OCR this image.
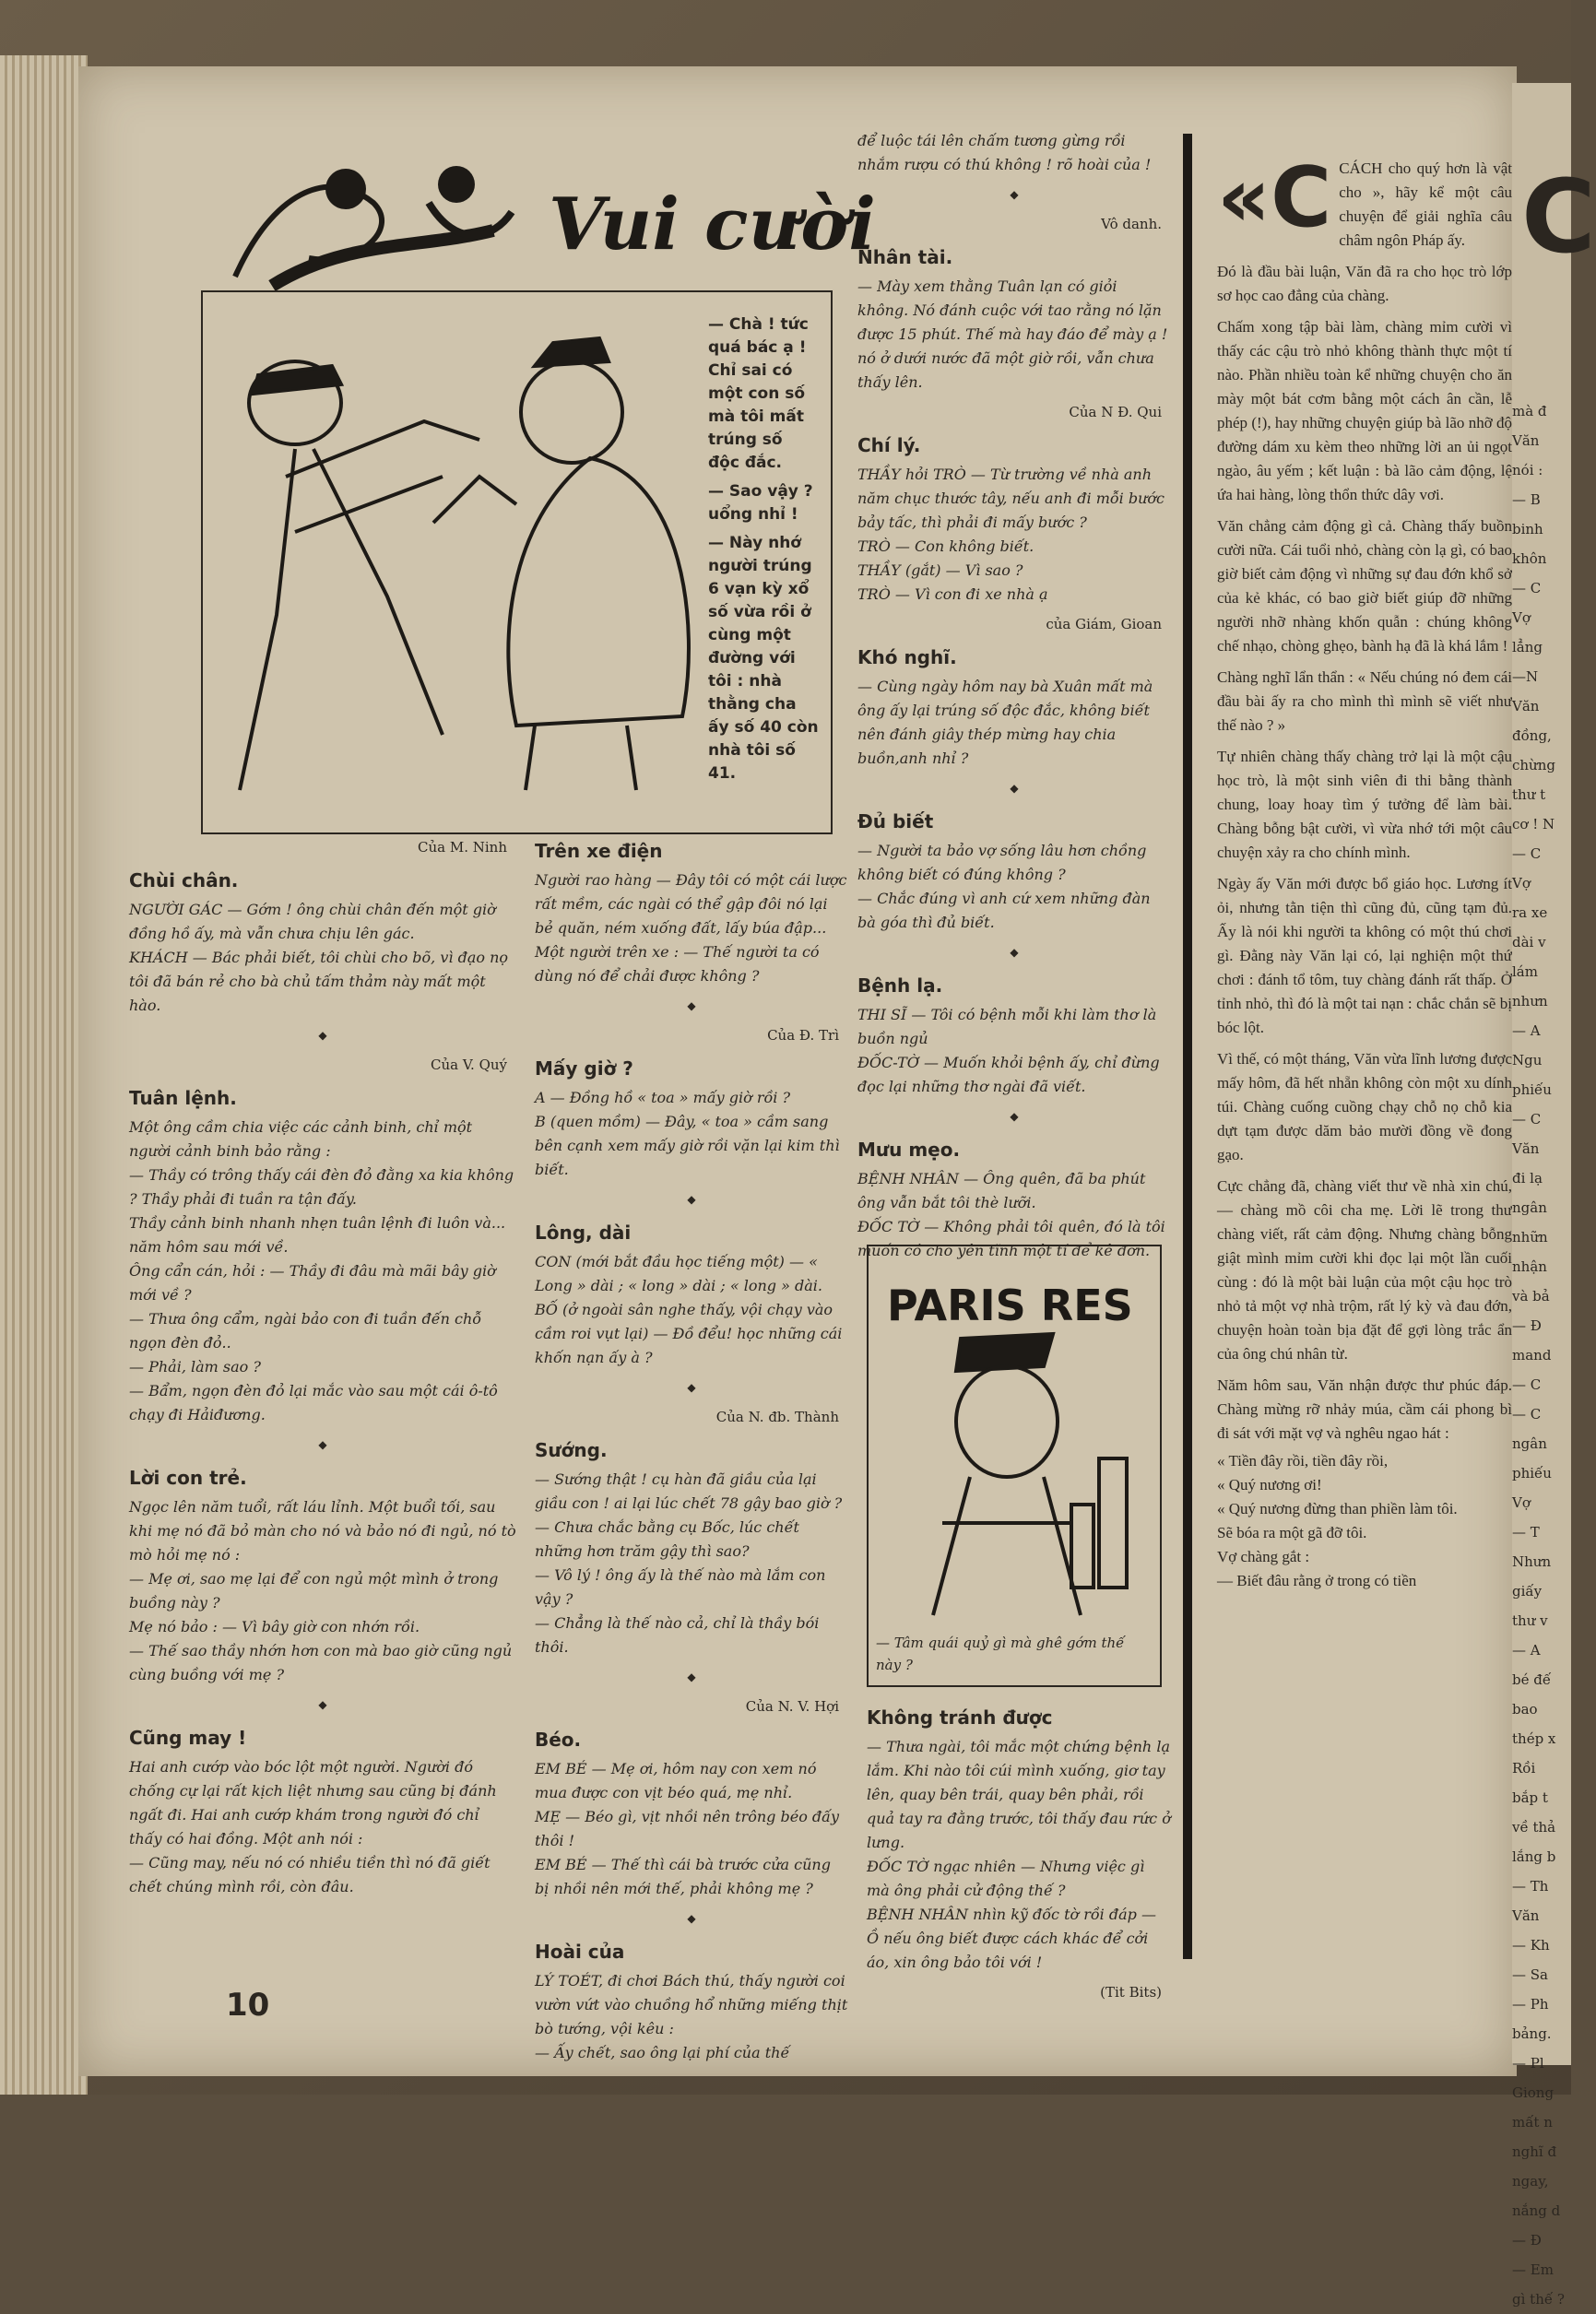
Vui cười

— Chà ! tức quá bác ạ ! Chỉ sai có một con số mà tôi mất trúng số độc đắc.

— Sao vậy ? uổng nhỉ !

— Này nhớ người trúng 6 vạn kỳ xổ số vừa rồi ở cùng một đường với tôi : nhà thằng cha ấy số 40 còn nhà tôi số 41.

Của M. Ninh
Chùi chân.

NGƯỜI GÁC — Gớm ! ông chùi chân đến một giờ đồng hồ ấy, mà vẫn chưa chịu lên gác.

KHÁCH — Bác phải biết, tôi chùi cho bõ, vì đạo nọ tôi đã bán rẻ cho bà chủ tấm thảm này mất một hào.

◆
Của V. Quý
Tuân lệnh.

Một ông cầm chia việc các cảnh binh, chỉ một người cảnh binh bảo rằng :

— Thầy có trông thấy cái đèn đỏ đằng xa kia không ? Thầy phải đi tuần ra tận đấy.

Thầy cảnh binh nhanh nhẹn tuân lệnh đi luôn và... năm hôm sau mới về.

Ông cẩn cán, hỏi : — Thầy đi đâu mà mãi bây giờ mới về ?

— Thưa ông cẩm, ngài bảo con đi tuần đến chỗ ngọn đèn đỏ..

— Phải, làm sao ?

— Bẩm, ngọn đèn đỏ lại mắc vào sau một cái ô-tô chạy đi Hảiđương.

◆
Lời con trẻ.

Ngọc lên năm tuổi, rất láu lỉnh. Một buổi tối, sau khi mẹ nó đã bỏ màn cho nó và bảo nó đi ngủ, nó tò mò hỏi mẹ nó :

— Mẹ ơi, sao mẹ lại để con ngủ một mình ở trong buồng này ?

Mẹ nó bảo : — Vì bây giờ con nhớn rồi.

— Thế sao thầy nhớn hơn con mà bao giờ cũng ngủ cùng buồng với mẹ ?

◆
Cũng may !

Hai anh cướp vào bóc lột một người. Người đó chống cự lại rất kịch liệt nhưng sau cũng bị đánh ngất đi. Hai anh cướp khám trong người đó chỉ thấy có hai đồng. Một anh nói :

— Cũng may, nếu nó có nhiều tiền thì nó đã giết chết chúng mình rồi, còn đâu.

Trên xe điện

Người rao hàng — Đây tôi có một cái lược rất mềm, các ngài có thể gập đôi nó lại bẻ quăn, ném xuống đất, lấy búa đập...

Một người trên xe : — Thế người ta có dùng nó để chải được không ?

◆
Của Đ. Trì
Mấy giờ ?

A — Đồng hồ « toa » mấy giờ rồi ?

B (quen mồm) — Đây, « toa » cầm sang bên cạnh xem mấy giờ rồi vặn lại kim thì biết.

◆
Lông, dài

CON (mới bắt đầu học tiếng một) — « Long » dài ; « long » dài ; « long » dài.

BỐ (ở ngoài sân nghe thấy, vội chạy vào cầm roi vụt lại) — Đồ đểu! học những cái khốn nạn ấy à ?

◆
Của N. đb. Thành
Sướng.

— Sướng thật ! cụ hàn đã giầu của lại giầu con ! ai lại lúc chết 78 gậy bao giờ ?

— Chưa chắc bằng cụ Bốc, lúc chết những hơn trăm gậy thì sao?

— Vô lý ! ông ấy là thế nào mà lắm con vậy ?

— Chẳng là thế nào cả, chỉ là thầy bói thôi.

◆
Của N. V. Hợi
Béo.

EM BÉ — Mẹ ơi, hôm nay con xem nó mua được con vịt béo quá, mẹ nhỉ.

MẸ — Béo gì, vịt nhồi nên trông béo đấy thôi !

EM BÉ — Thế thì cái bà trước cửa cũng bị nhồi nên mới thế, phải không mẹ ?

◆
Hoài của

LÝ TOÉT, đi chơi Bách thú, thấy người coi vườn vứt vào chuồng hổ những miếng thịt bò tướng, vội kêu :

— Ấy chết, sao ông lại phí của thế

để luộc tái lên chấm tương gừng rồi nhắm rượu có thú không ! rõ hoài của !

◆
Vô danh.
Nhân tài.

— Mày xem thằng Tuân lạn có giỏi không. Nó đánh cuộc với tao rằng nó lặn được 15 phút. Thế mà hay đáo để mày ạ ! nó ở dưới nước đã một giờ rồi, vẫn chưa thấy lên.

Của N Đ. Qui
Chí lý.

THẦY hỏi TRÒ — Từ trường về nhà anh năm chục thước tây, nếu anh đi mỗi bước bảy tấc, thì phải đi mấy bước ?

TRÒ — Con không biết.

THẦY (gắt) — Vì sao ?

TRÒ — Vì con đi xe nhà ạ

của Giám, Gioan
Khó nghĩ.

— Cùng ngày hôm nay bà Xuân mất mà ông ấy lại trúng số độc đắc, không biết nên đánh giây thép mừng hay chia buồn,anh nhỉ ?

◆
Đủ biết

— Người ta bảo vợ sống lâu hơn chồng không biết có đúng không ?

— Chắc đúng vì anh cứ xem những đàn bà góa thì đủ biết.

◆
Bệnh lạ.

THI SĨ — Tôi có bệnh mỗi khi làm thơ là buồn ngủ

ĐỐC-TỜ — Muốn khỏi bệnh ấy, chỉ đừng đọc lại những thơ ngài đã viết.

◆
Mưu mẹo.

BỆNH NHÂN — Ông quên, đã ba phút ông vẫn bắt tôi thè lưỡi.

ĐỐC TỜ — Không phải tôi quên, đó là tôi muốn có cho yên tĩnh một tí để kê đơn.

PARIS RES
— Tâm quái quỷ gì mà ghê gớm thế này ?
Không tránh được

— Thưa ngài, tôi mắc một chứng bệnh lạ lắm. Khi nào tôi cúi mình xuống, giơ tay lên, quay bên trái, quay bên phải, rồi quả tay ra đằng trước, tôi thấy đau rức ở lưng.

ĐỐC TỜ ngạc nhiên — Nhưng việc gì mà ông phải cử động thế ?

BỆNH NHÂN nhìn kỹ đốc tờ rồi đáp — Ồ nếu ông biết được cách khác để cởi áo, xin ông bảo tôi với !

(Tit Bits)
«C CÁCH cho quý hơn là vật cho », hãy kể một câu chuyện để giải nghĩa câu châm ngôn Pháp ấy.

Đó là đầu bài luận, Văn đã ra cho học trò lớp sơ học cao đẳng của chàng.

Chấm xong tập bài làm, chàng mỉm cười vì thấy các cậu trò nhỏ không thành thực một tí nào. Phần nhiều toàn kể những chuyện cho ăn mày một bát cơm bằng một cách ân cần, lễ phép (!), hay những chuyện giúp bà lão nhỡ độ đường dám xu kèm theo những lời an ủi ngọt ngào, âu yếm ; kết luận : bà lão cảm động, lệ ứa hai hàng, lòng thổn thức dây vơi.

Văn chẳng cảm động gì cả. Chàng thấy buồn cười nữa. Cái tuổi nhỏ, chàng còn lạ gì, có bao giờ biết cảm động vì những sự đau đớn khổ sở của kẻ khác, có bao giờ biết giúp đỡ những người nhỡ nhàng khốn quẫn : chúng không chế nhạo, chòng ghẹo, bành hạ đã là khá lắm !

Chàng nghĩ lẩn thẩn : « Nếu chúng nó đem cái đầu bài ấy ra cho mình thì mình sẽ viết như thế nào ? »

Tự nhiên chàng thấy chàng trở lại là một cậu học trò, là một sinh viên đi thi bằng thành chung, loay hoay tìm ý tưởng để làm bài. Chàng bỗng bật cười, vì vừa nhớ tới một câu chuyện xảy ra cho chính mình.

Ngày ấy Văn mới được bổ giáo học. Lương ít ỏi, nhưng tằn tiện thì cũng đủ, cũng tạm đủ. Ấy là nói khi người ta không có một thú chơi gì. Đằng này Văn lại có, lại nghiện một thứ chơi : đánh tổ tôm, tuy chàng đánh rất thấp. Ở tỉnh nhỏ, thì đó là một tai nạn : chắc chắn sẽ bị bóc lột.

Vì thế, có một tháng, Văn vừa lĩnh lương được mấy hôm, đã hết nhẵn không còn một xu dính túi. Chàng cuống cuồng chạy chỗ nọ chỗ kia dựt tạm được dăm bảo mười đồng về đong gạo.

Cực chẳng đã, chàng viết thư về nhà xin chú, — chàng mồ côi cha mẹ. Lời lẽ trong thư chàng viết, rất cảm động. Nhưng chàng bỗng giật mình mỉm cười khi đọc lại một lần cuối cùng : đó là một bài luận của một cậu học trò nhỏ tả một vợ nhà trộm, rất lý kỳ và đau đớn, chuyện hoàn toàn bịa đặt để gợi lòng trắc ẩn của ông chú nhân từ.

Năm hôm sau, Văn nhận được thư phúc đáp. Chàng mừng rỡ nhảy múa, cầm cái phong bì đi sát với mặt vợ và nghêu ngao hát :

« Tiền đây rồi, tiền đây rồi,

« Quý nương ơi!

« Quý nương đừng than phiền làm tôi.

Sẽ bóa ra một gã đỡ tôi.

Vợ chàng gắt :

— Biết đâu rằng ở trong có tiền

C
mà đ
Văn
nói :
— B
binh
khôn
— C
Vợ
lẳng
—N
Văn
đồng,
chừng
thư t
cơ ! N
— C
Vợ
ra xe
dài v
lám
nhưn
— A
Ngu
phiếu
— C
Văn
đi lạ
ngân
nhữn
nhận
và bả
— Đ
mand
— C
— C
ngân
phiếu
Vợ
— T
Nhưn
giấy
thư v
— A
bé đế
bao
thép x
Rồi
bắp t
về thả
lắng b
— Th
Văn
— Kh
— Sa
— Ph
bảng.
— Pl
Giong
mất n
nghĩ đ
ngay,
nắng d
— Đ
— Em
gì thế ?
10
